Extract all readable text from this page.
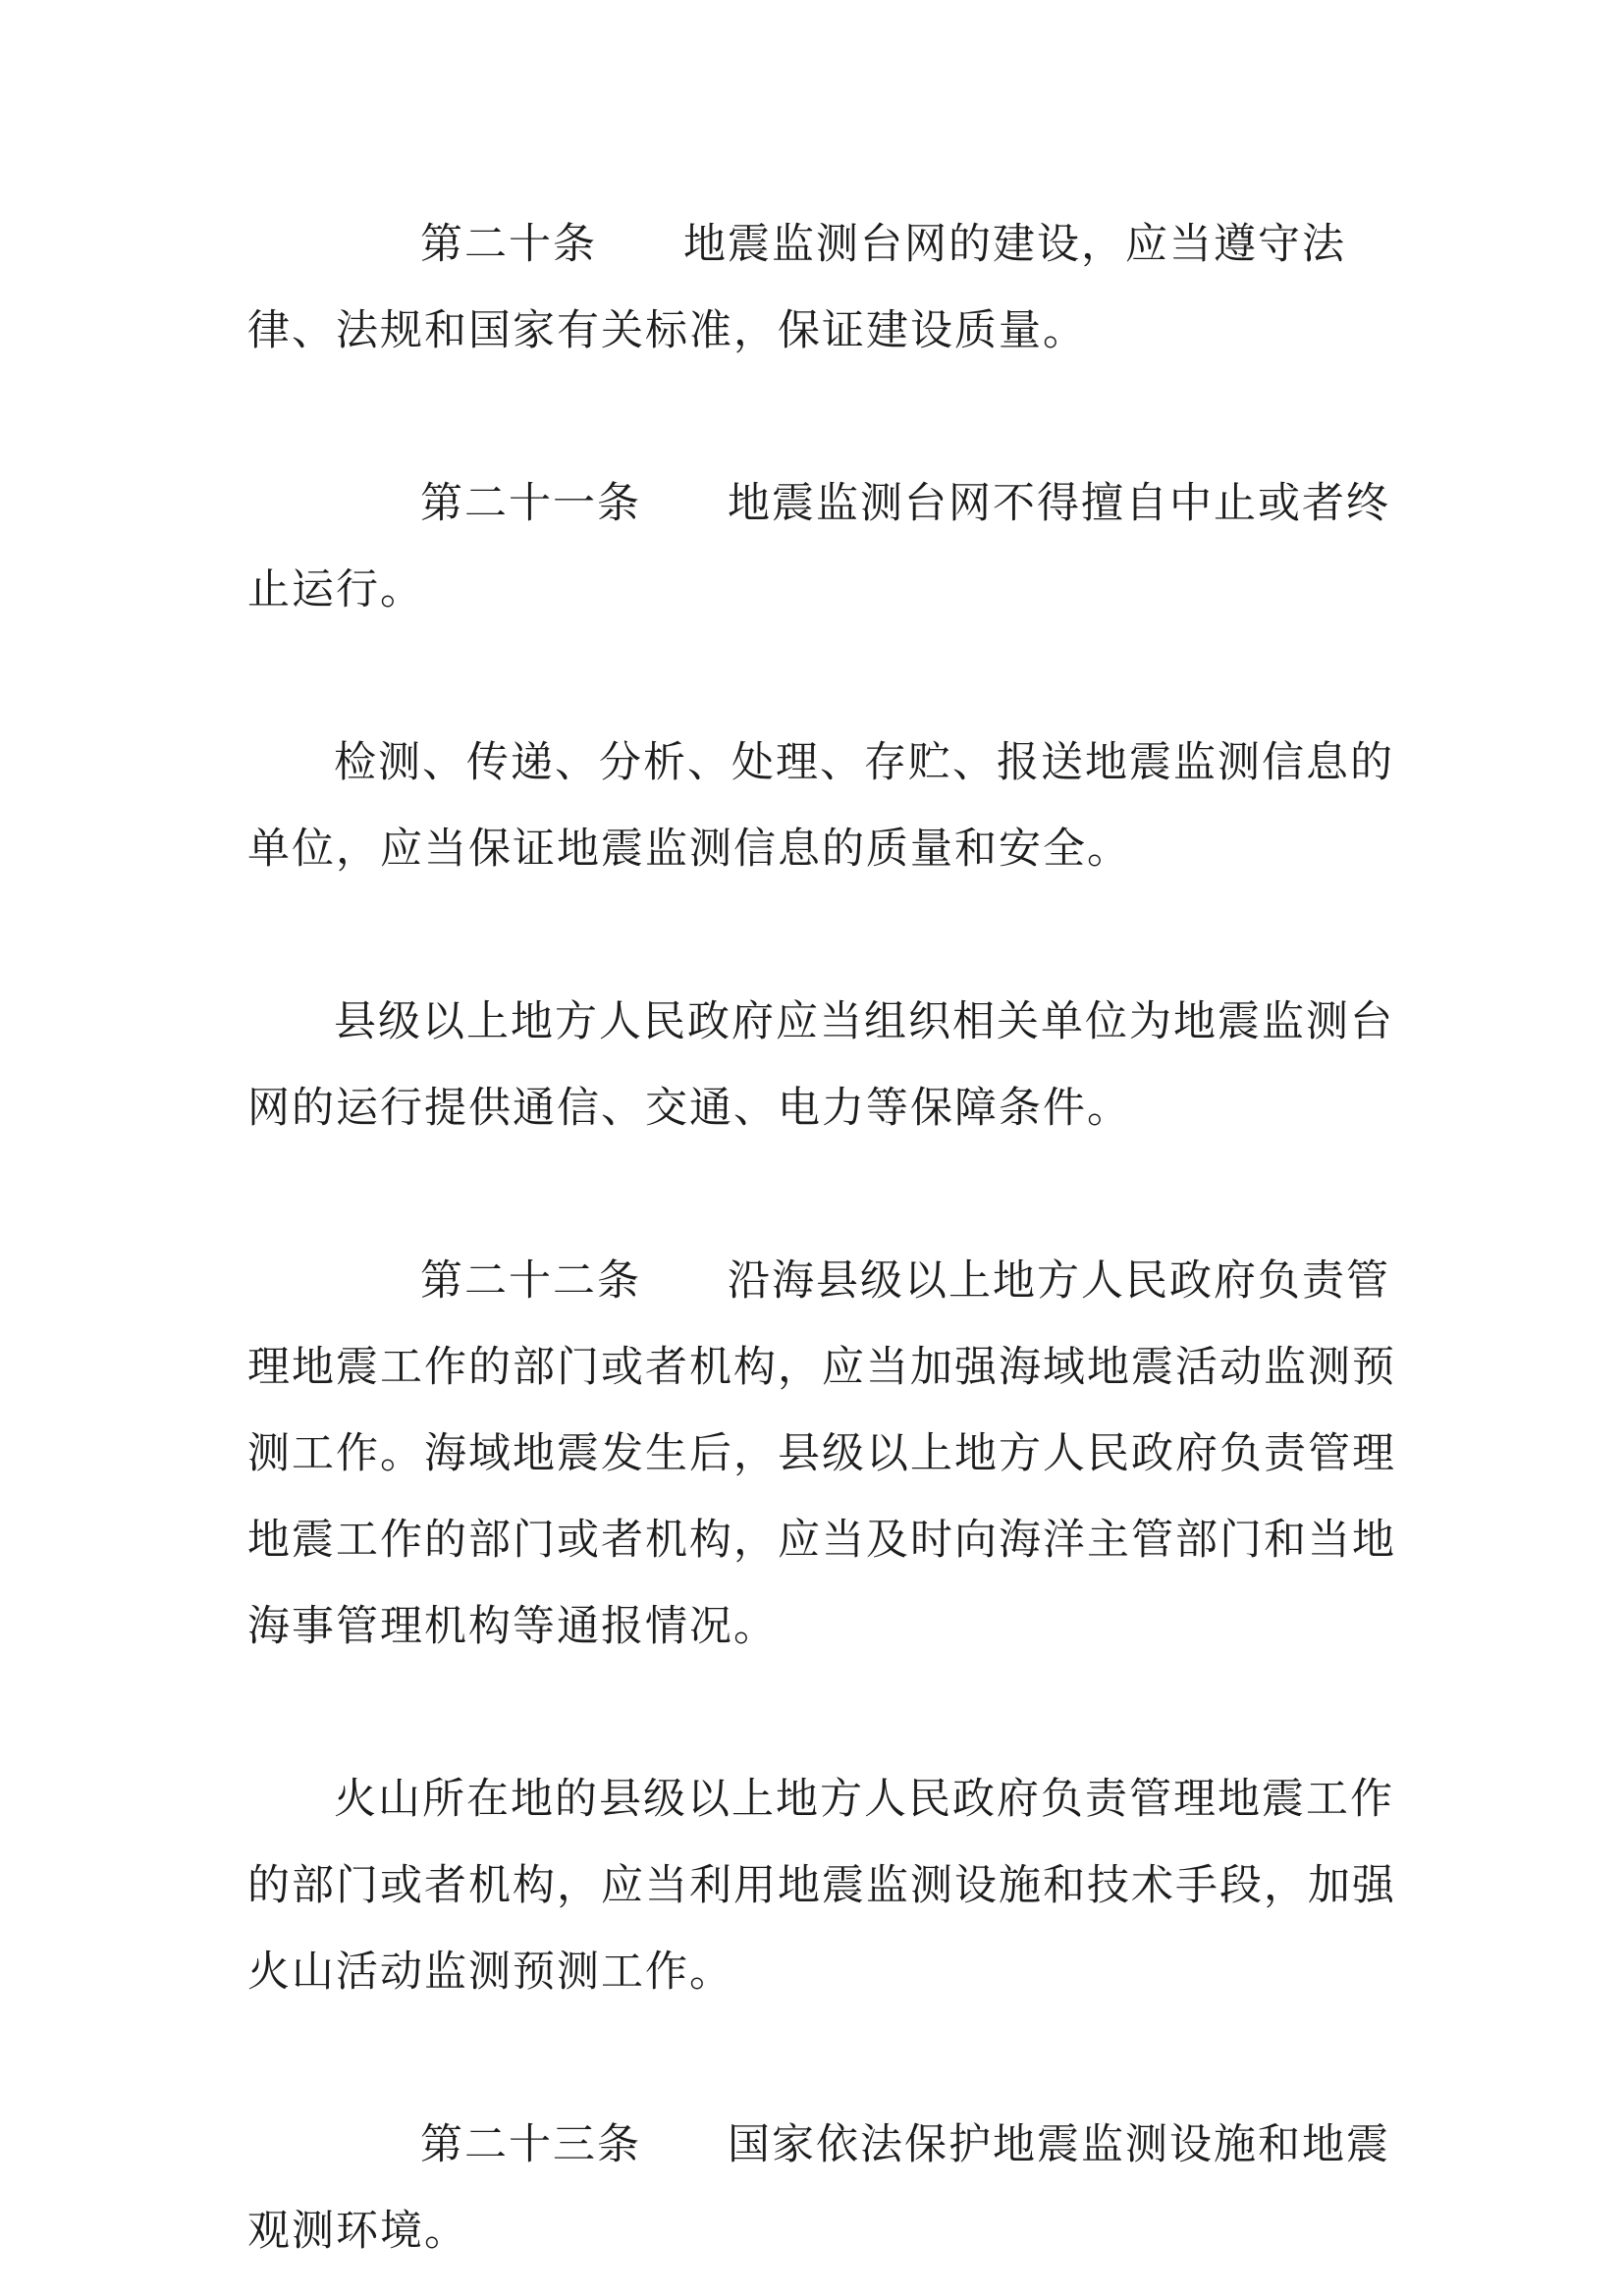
第二十条 地震监测台网的建设，应当遵守法律、法规和国家有关标准，保证建设质量。

第二十一条 地震监测台网不得擅自中止或者终止运行。

检测、传递、分析、处理、存贮、报送地震监测信息的单位，应当保证地震监测信息的质量和安全。

县级以上地方人民政府应当组织相关单位为地震监测台网的运行提供通信、交通、电力等保障条件。

第二十二条 沿海县级以上地方人民政府负责管理地震工作的部门或者机构，应当加强海域地震活动监测预测工作。海域地震发生后，县级以上地方人民政府负责管理地震工作的部门或者机构，应当及时向海洋主管部门和当地海事管理机构等通报情况。

火山所在地的县级以上地方人民政府负责管理地震工作的部门或者机构，应当利用地震监测设施和技术手段，加强火山活动监测预测工作。

第二十三条 国家依法保护地震监测设施和地震观测环境。
